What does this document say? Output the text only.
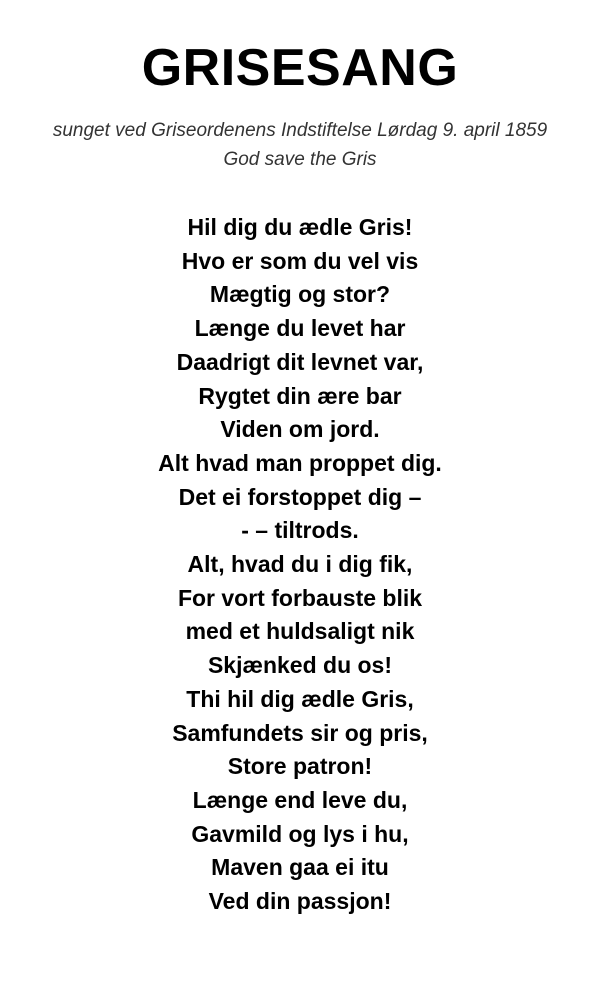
GRISESANG

sunget ved Griseordenens Indstiftelse Lørdag 9. april 1859 God save the Gris

Hil dig du ædle Gris!
Hvo er som du vel vis
Mægtig og stor?
Længe du levet har
Daadrigt dit levnet var,
Rygtet din ære bar
Viden om jord.
Alt hvad man proppet dig.
Det ei forstoppet dig –
- – tiltrods.
Alt, hvad du i dig fik,
For vort forbauste blik
med et huldsaligt nik
Skjænked du os!
Thi hil dig ædle Gris,
Samfundets sir og pris,
Store patron!
Længe end leve du,
Gavmild og lys i hu,
Maven gaa ei itu
Ved din passjon!
